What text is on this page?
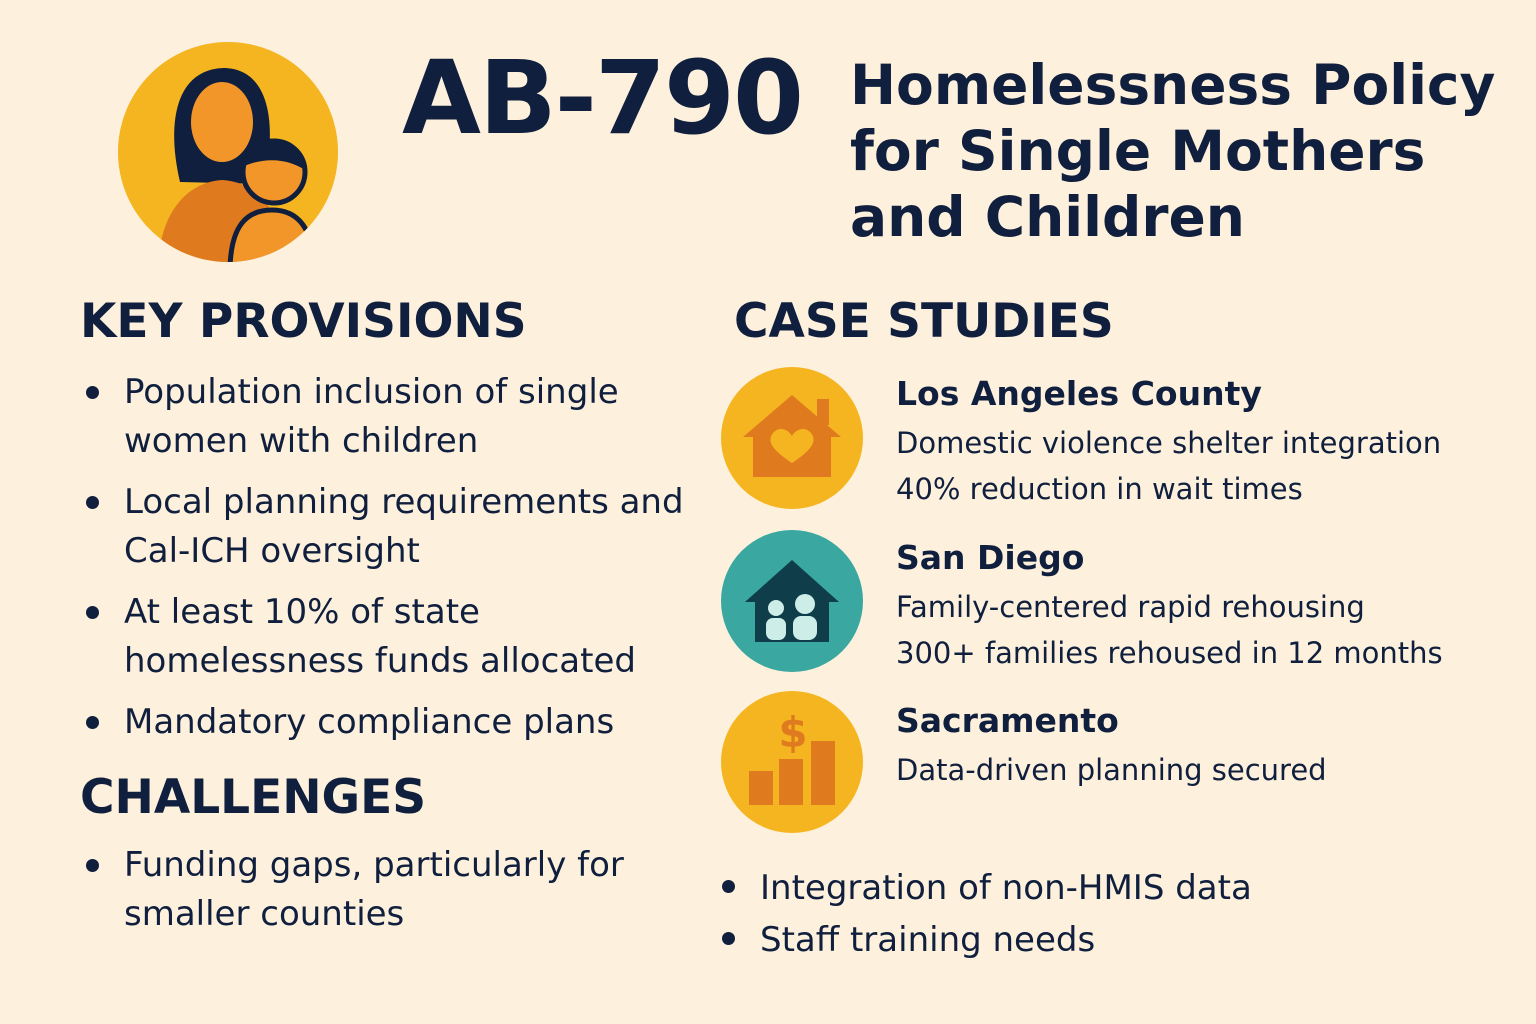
AB-790 Homelessness Policy
for Single Mothers
and Children
KEY PROVISIONS
Population inclusion of single women with children
Local planning requirements and Cal-ICH oversight
At least 10% of state homelessness funds allocated
Mandatory compliance plans
CHALLENGES
Funding gaps, particularly for smaller counties
Integration of non-HMIS data
Staff training needs
CASE STUDIES
$
Los Angeles County
Domestic violence shelter integration
40% reduction in wait times
San Diego
Family-centered rapid rehousing
300+ families rehoused in 12 months
Sacramento
Data-driven planning secured
